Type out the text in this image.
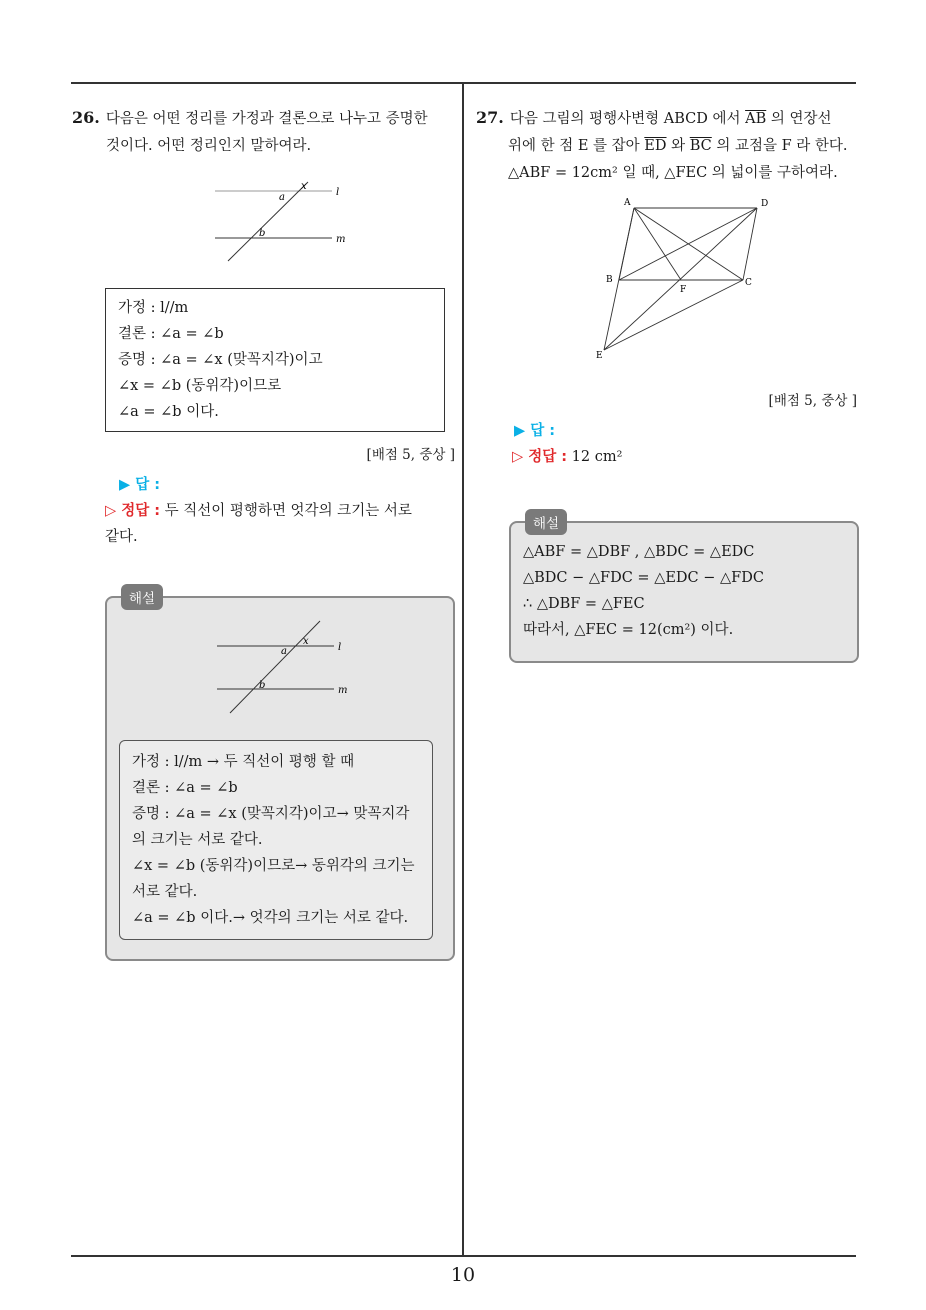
10

26. 다음은 어떤 정리를 가정과 결론으로 나누고 증명한

것이다. 어떤 정리인지 말하여라.

a
x
b
l
m
가정 : l//m
결론 : ∠a = ∠b
증명 : ∠a = ∠x (맞꼭지각)이고
∠x = ∠b (동위각)이므로
∠a = ∠b 이다.
[배점 5, 중상 ]
▶ 답 :
▷ 정답 : 두 직선이 평행하면 엇각의 크기는 서로
같다.
해설
a
x
b
l
m
가정 : l//m → 두 직선이 평행 할 때
결론 : ∠a = ∠b
증명 : ∠a = ∠x (맞꼭지각)이고→ 맞꼭지각
의 크기는 서로 같다.
∠x = ∠b (동위각)이므로→ 동위각의 크기는
서로 같다.
∠a = ∠b 이다.→ 엇각의 크기는 서로 같다.

27. 다음 그림의 평행사변형 ABCD 에서 $\overline{AB}$ 의 연장선

위에 한 점 E 를 잡아 $\overline{ED}$ 와 $\overline{BC}$ 의 교점을 F 라 한다.

△ABF = 12cm² 일 때, △FEC 의 넓이를 구하여라.

A	D
B	C
F
E
[배점 5, 중상 ]
▶ 답 :
▷ 정답 : 12 cm²
해설
△ABF = △DBF , △BDC = △EDC
△BDC − △FDC = △EDC − △FDC
∴ △DBF = △FEC
따라서, △FEC = 12(cm²) 이다.
